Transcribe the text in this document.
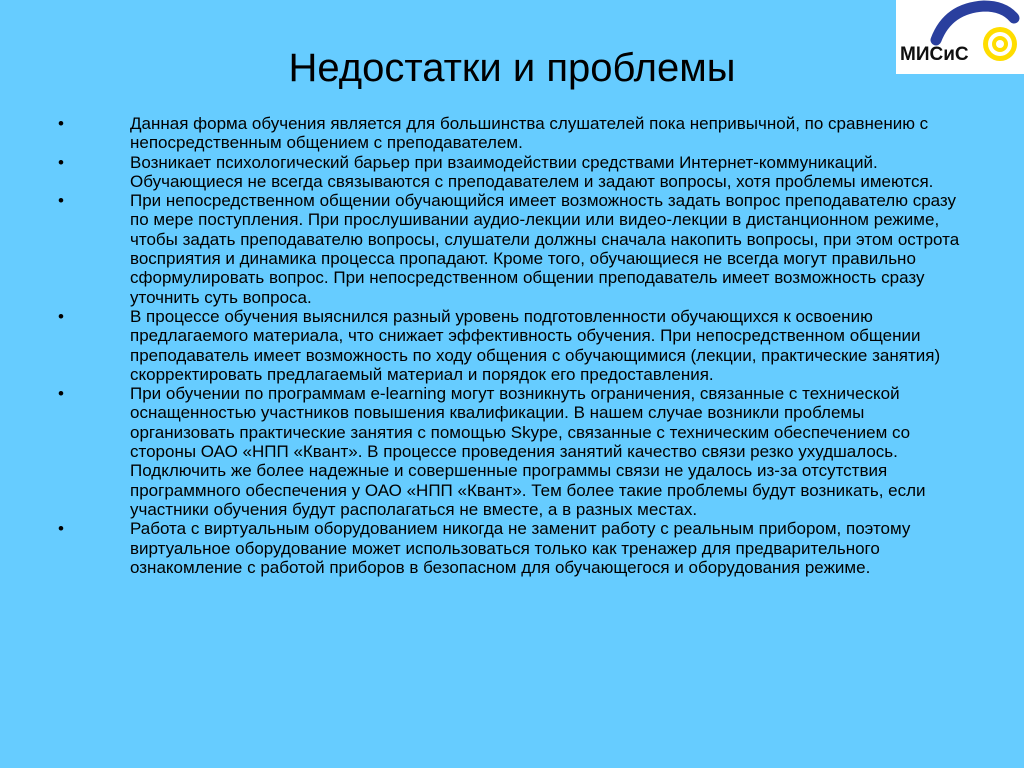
Недостатки и проблемы	МИСиС
•	Данная форма обучения является для большинства слушателей пока непривычной, по сравнению с непосредственным общением с преподавателем.
•	Возникает психологический барьер при взаимодействии средствами Интернет-коммуникаций. Обучающиеся не всегда связываются с преподавателем и задают вопросы, хотя проблемы имеются.
•	При непосредственном общении обучающийся имеет возможность задать вопрос преподавателю сразу по мере поступления. При прослушивании аудио-лекции или видео-лекции в дистанционном режиме, чтобы задать преподавателю вопросы, слушатели должны сначала накопить вопросы, при этом острота восприятия и динамика процесса пропадают. Кроме того, обучающиеся не всегда могут правильно сформулировать вопрос. При непосредственном общении преподаватель имеет возможность сразу уточнить суть вопроса.
•	В процессе обучения выяснился разный уровень подготовленности обучающихся к освоению предлагаемого материала, что снижает эффективность обучения. При непосредственном общении преподаватель имеет возможность по ходу общения с обучающимися (лекции, практические занятия) скорректировать предлагаемый материал и порядок его предоставления.
•	При обучении по программам e-learning могут возникнуть ограничения, связанные с технической оснащенностью участников повышения квалификации. В нашем случае возникли проблемы организовать практические занятия с помощью Skype, связанные с техническим обеспечением со стороны ОАО «НПП «Квант». В процессе проведения занятий качество связи резко ухудшалось. Подключить же более надежные и совершенные программы связи не удалось из-за отсутствия программного обеспечения у ОАО «НПП «Квант». Тем более такие проблемы будут возникать, если участники обучения будут располагаться не вместе, а в разных местах.
•	Работа с виртуальным оборудованием никогда не заменит работу с реальным прибором, поэтому виртуальное оборудование может использоваться только как тренажер для предварительного ознакомление с работой приборов в безопасном для обучающегося и оборудования режиме.
